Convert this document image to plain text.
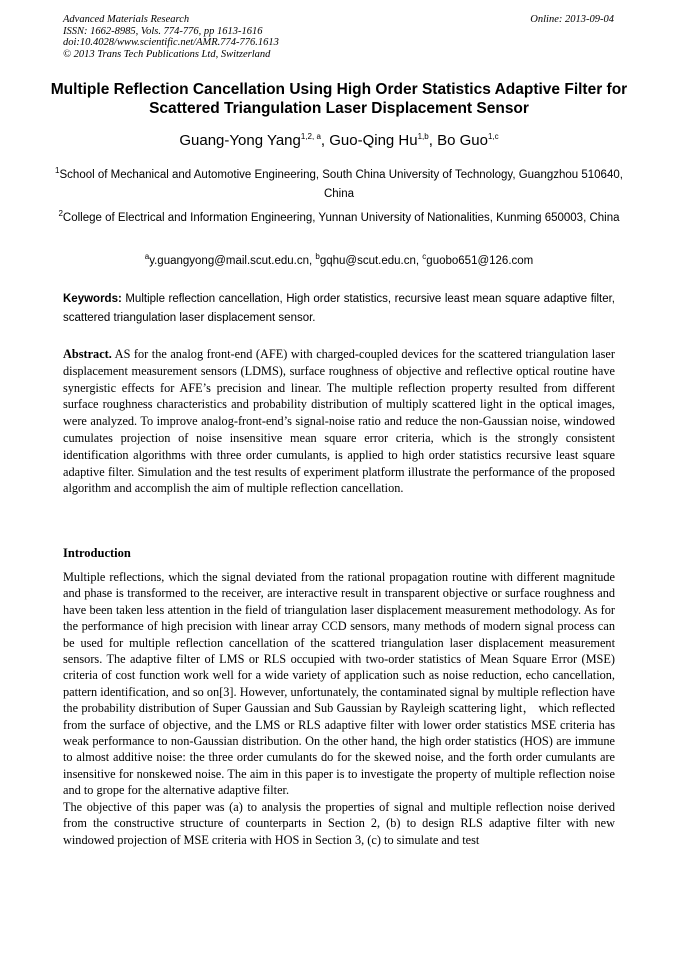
Advanced Materials Research
ISSN: 1662-8985, Vols. 774-776, pp 1613-1616
doi:10.4028/www.scientific.net/AMR.774-776.1613
© 2013 Trans Tech Publications Ltd, Switzerland
Online: 2013-09-04
Multiple Reflection Cancellation Using High Order Statistics Adaptive Filter for Scattered Triangulation Laser Displacement Sensor
Guang-Yong Yang$^{1,2, a}$, Guo-Qing Hu$^{1,b}$, Bo Guo$^{1,c}$
$^1$School of Mechanical and Automotive Engineering, South China University of Technology, Guangzhou 510640, China
$^2$College of Electrical and Information Engineering, Yunnan University of Nationalities, Kunming 650003, China
$^a$y.guangyong@mail.scut.edu.cn, $^b$gqhu@scut.edu.cn, $^c$guobo651@126.com
Keywords: Multiple reflection cancellation, High order statistics, recursive least mean square adaptive filter, scattered triangulation laser displacement sensor.
Abstract. AS for the analog front-end (AFE) with charged-coupled devices for the scattered triangulation laser displacement measurement sensors (LDMS), surface roughness of objective and reflective optical routine have synergistic effects for AFE’s precision and linear. The multiple reflection property resulted from different surface roughness characteristics and probability distribution of multiply scattered light in the optical images, were analyzed. To improve analog-front-end’s signal-noise ratio and reduce the non-Gaussian noise, windowed cumulates projection of noise insensitive mean square error criteria, which is the strongly consistent identification algorithms with three order cumulants, is applied to high order statistics recursive least square adaptive filter. Simulation and the test results of experiment platform illustrate the performance of the proposed algorithm and accomplish the aim of multiple reflection cancellation.
Introduction

Multiple reflections, which the signal deviated from the rational propagation routine with different magnitude and phase is transformed to the receiver, are interactive result in transparent objective or surface roughness and have been taken less attention in the field of triangulation laser displacement measurement methodology. As for the performance of high precision with linear array CCD sensors, many methods of modern signal process can be used for multiple reflection cancellation of the scattered triangulation laser displacement measurement sensors. The adaptive filter of LMS or RLS occupied with two-order statistics of Mean Square Error (MSE) criteria of cost function work well for a wide variety of application such as noise reduction, echo cancellation, pattern identification, and so on[3]. However, unfortunately, the contaminated signal by multiple reflection have the probability distribution of Super Gaussian and Sub Gaussian by Rayleigh scattering light， which reflected from the surface of objective, and the LMS or RLS adaptive filter with lower order statistics MSE criteria has weak performance to non-Gaussian distribution. On the other hand, the high order statistics (HOS) are immune to almost additive noise: the three order cumulants do for the skewed noise, and the forth order cumulants are insensitive for nonskewed noise. The aim in this paper is to investigate the property of multiple reflection noise and to grope for the alternative adaptive filter.

The objective of this paper was (a) to analysis the properties of signal and multiple reflection noise derived from the constructive structure of counterparts in Section 2, (b) to design RLS adaptive filter with new windowed projection of MSE criteria with HOS in Section 3, (c) to simulate and test
